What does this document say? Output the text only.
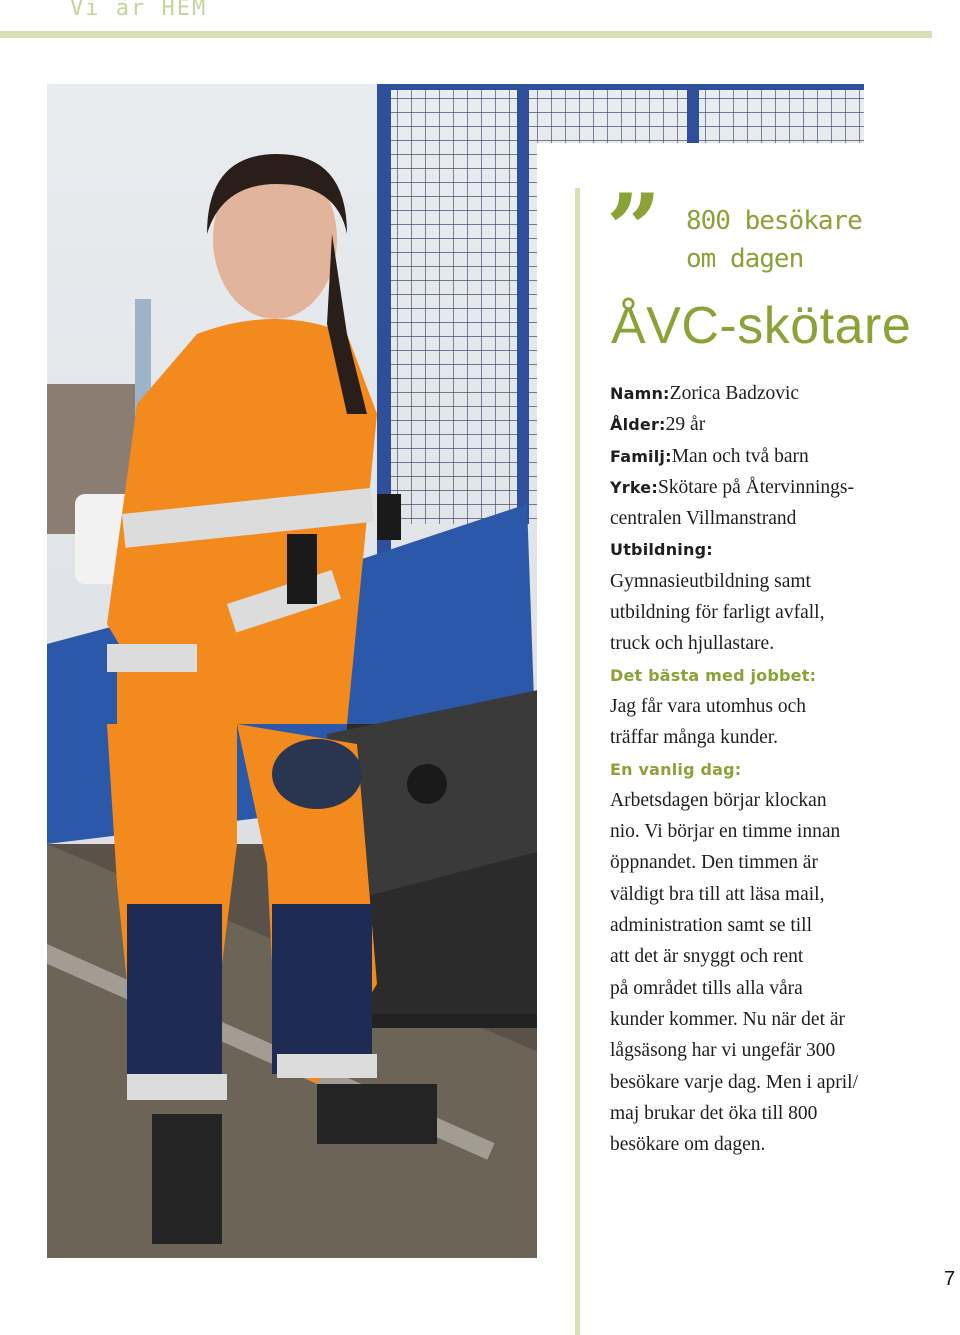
Vi är HEM
” 800 besökare
om dagen
ÅVC-skötare
Namn:Zorica Badzovic
Ålder:29 år
Familj:Man och två barn
Yrke:Skötare på Återvinnings-
centralen Villmanstrand
Utbildning:
Gymnasieutbildning samt
utbildning för farligt avfall,
truck och hjullastare.
Det bästa med jobbet:
Jag får vara utomhus och
träffar många kunder.
En vanlig dag:
Arbetsdagen börjar klockan
nio. Vi börjar en timme innan
öppnandet. Den timmen är
väldigt bra till att läsa mail,
administration samt se till
att det är snyggt och rent
på området tills alla våra
kunder kommer. Nu när det är
lågsäsong har vi ungefär 300
besökare varje dag. Men i april/
maj brukar det öka till 800
besökare om dagen.
7
